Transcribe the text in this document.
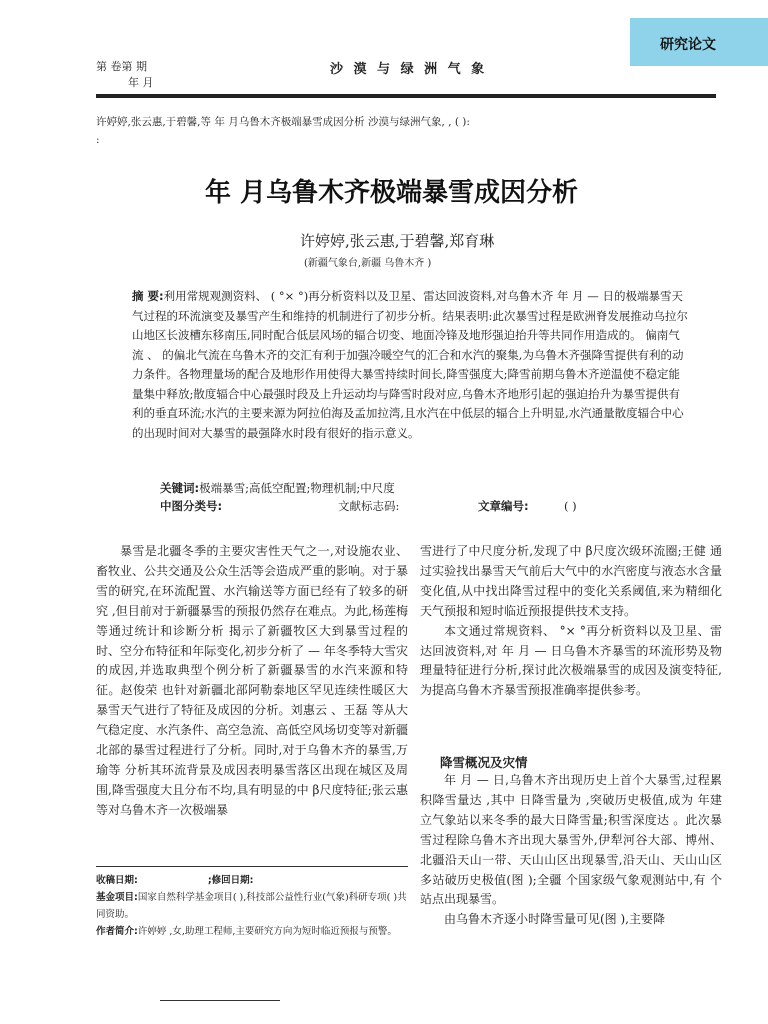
研究论文
第 卷第 期
年 月
沙 漠 与 绿 洲 气 象
许婷婷,张云惠,于碧馨,等 年 月乌鲁木齐极端暴雪成因分析 沙漠与绿洲气象, , ( ):
:
年 月乌鲁木齐极端暴雪成因分析
许婷婷,张云惠,于碧馨,郑育琳
(新疆气象台,新疆 乌鲁木齐 )
摘 要:利用常规观测资料、 ( °× °)再分析资料以及卫星、雷达回波资料,对乌鲁木齐 年 月 — 日的极端暴雪天气过程的环流演变及暴雪产生和维持的机制进行了初步分析。结果表明:此次暴雪过程是欧洲脊发展推动乌拉尔山地区长波槽东移南压,同时配合低层风场的辐合切变、地面冷锋及地形强迫抬升等共同作用造成的。 偏南气流 、 的偏北气流在乌鲁木齐的交汇有利于加强冷暖空气的汇合和水汽的聚集,为乌鲁木齐强降雪提供有利的动力条件。各物理量场的配合及地形作用使得大暴雪持续时间长,降雪强度大;降雪前期乌鲁木齐逆温使不稳定能量集中释放;散度辐合中心最强时段及上升运动均与降雪时段对应,乌鲁木齐地形引起的强迫抬升为暴雪提供有利的垂直环流;水汽的主要来源为阿拉伯海及孟加拉湾,且水汽在中低层的辐合上升明显,水汽通量散度辐合中心的出现时间对大暴雪的最强降水时段有很好的指示意义。
关键词:极端暴雪;高低空配置;物理机制;中尺度
中图分类号:	文献标志码:	文章编号:	( )

暴雪是北疆冬季的主要灾害性天气之一,对设施农业、畜牧业、公共交通及公众生活等会造成严重的影响。对于暴雪的研究,在环流配置、水汽输送等方面已经有了较多的研究 ,但目前对于新疆暴雪的预报仍然存在难点。为此,杨莲梅等通过统计和诊断分析 揭示了新疆牧区大到暴雪过程的时、空分布特征和年际变化,初步分析了 — 年冬季特大雪灾的成因,并选取典型个例分析了新疆暴雪的水汽来源和特征。赵俊荣 也针对新疆北部阿勒泰地区罕见连续性暖区大暴雪天气进行了特征及成因的分析。刘惠云 、王磊 等从大气稳定度、水汽条件、高空急流、高低空风场切变等对新疆北部的暴雪过程进行了分析。同时,对于乌鲁木齐的暴雪,万瑜等 分析其环流背景及成因表明暴雪落区出现在城区及周围,降雪强度大且分布不均,具有明显的中 β尺度特征;张云惠 等对乌鲁木齐一次极端暴

雪进行了中尺度分析,发现了中 β尺度次级环流圈;王健 通过实验找出暴雪天气前后大气中的水汽密度与液态水含量变化值,从中找出降雪过程中的变化关系阈值,来为精细化天气预报和短时临近预报提供技术支持。

本文通过常规资料、 °× °再分析资料以及卫星、雷达回波资料,对 年 月 — 日乌鲁木齐暴雪的环流形势及物理量特征进行分析,探讨此次极端暴雪的成因及演变特征,为提高乌鲁木齐暴雪预报准确率提供参考。

降雪概况及灾情

年 月 — 日,乌鲁木齐出现历史上首个大暴雪,过程累积降雪量达 ,其中 日降雪量为 ,突破历史极值,成为 年建立气象站以来冬季的最大日降雪量;积雪深度达 。此次暴雪过程除乌鲁木齐出现大暴雪外,伊犁河谷大部、博州、北疆沿天山一带、天山山区出现暴雪,沿天山、天山山区多站破历史极值(图 );全疆 个国家级气象观测站中,有 个站点出现暴雪。

由乌鲁木齐逐小时降雪量可见(图 ),主要降

收稿日期:	;修回日期:
基金项目:国家自然科学基金项目( ),科技部公益性行业(气象)科研专项( )共同资助。
作者简介:许婷婷 ,女,助理工程师,主要研究方向为短时临近预报与预警。
